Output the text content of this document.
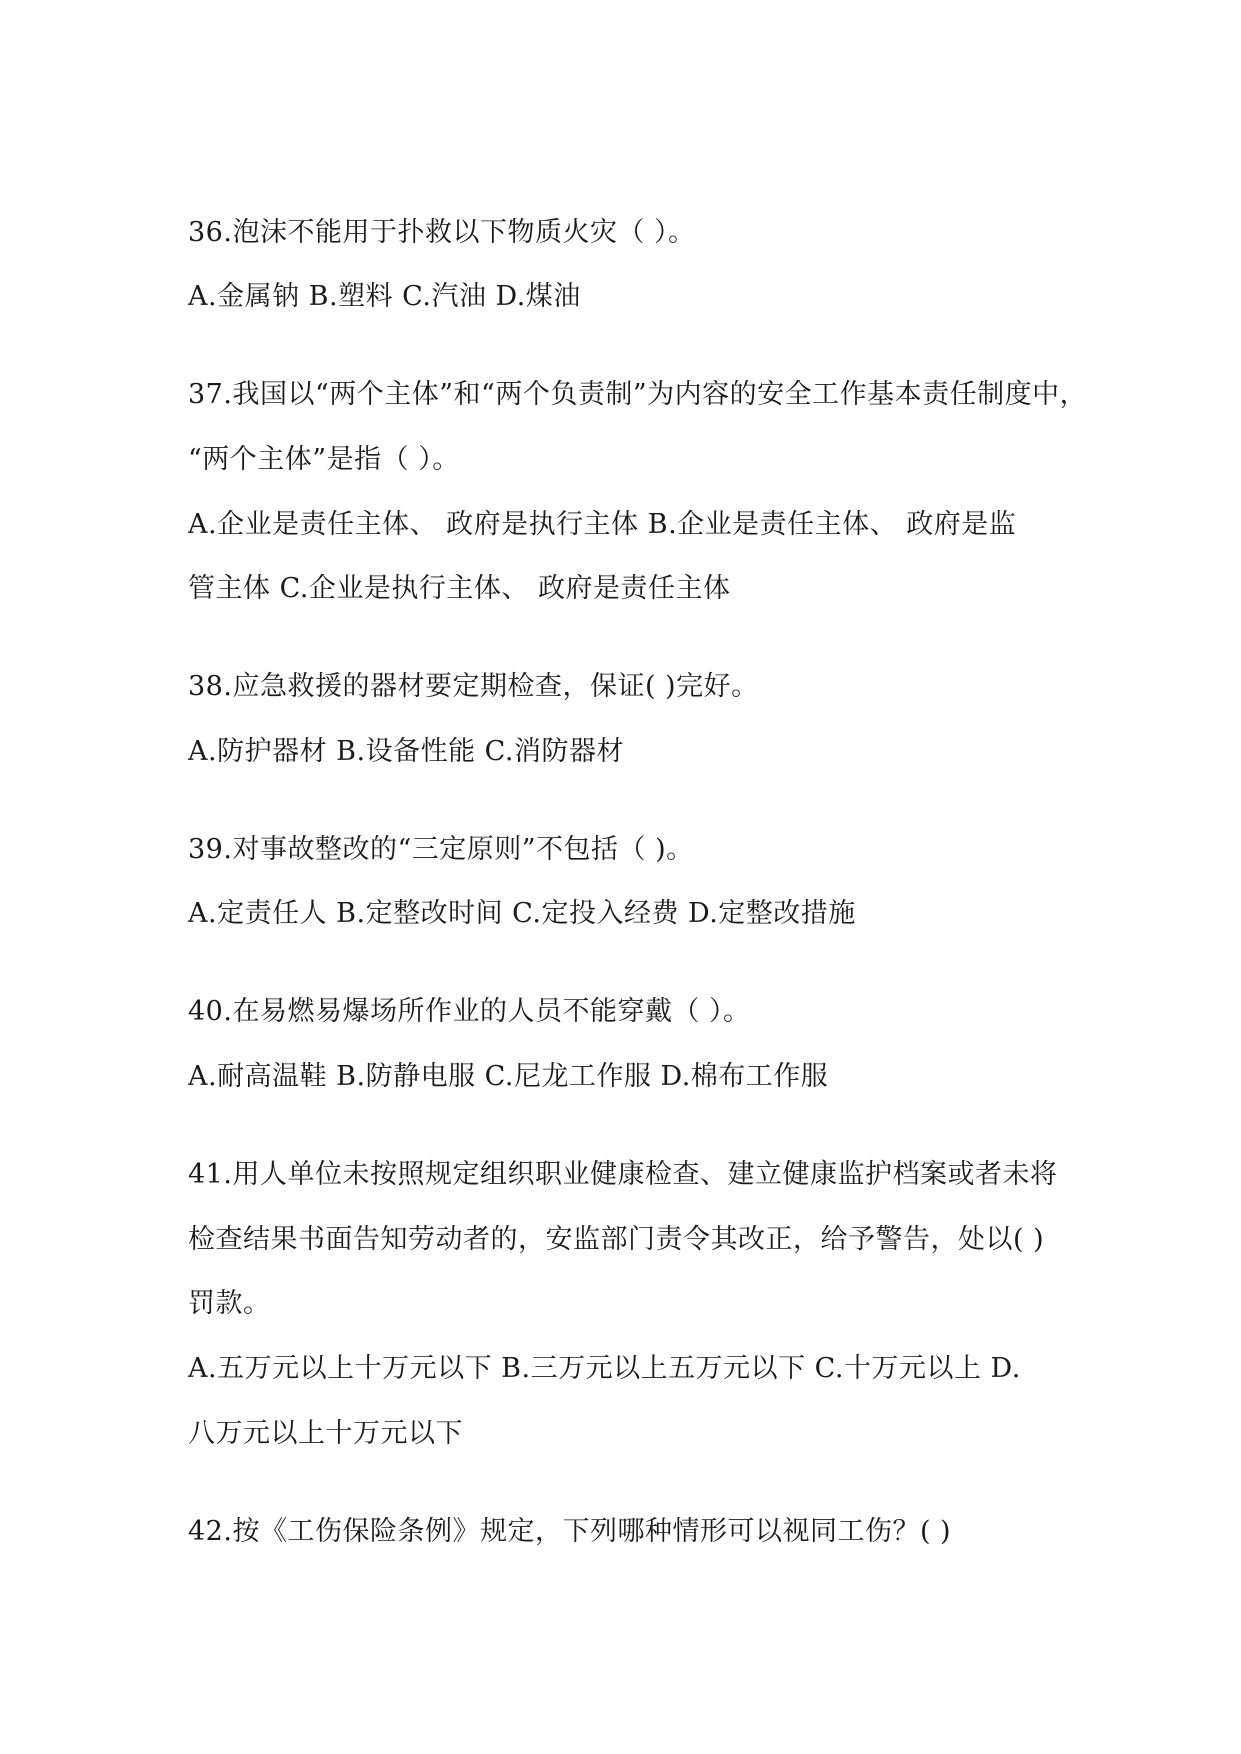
36.泡沫不能用于扑救以下物质火灾（ ）。
A.金属钠 B.塑料 C.汽油 D.煤油
37.我国以“两个主体”和“两个负责制”为内容的安全工作基本责任制度中，
“两个主体”是指（ ）。
A.企业是责任主体、 政府是执行主体 B.企业是责任主体、 政府是监
管主体 C.企业是执行主体、 政府是责任主体
38.应急救援的器材要定期检查，保证( )完好。
A.防护器材 B.设备性能 C.消防器材
39.对事故整改的“三定原则”不包括（ )。
A.定责任人 B.定整改时间 C.定投入经费 D.定整改措施
40.在易燃易爆场所作业的人员不能穿戴（ ）。
A.耐高温鞋 B.防静电服 C.尼龙工作服 D.棉布工作服
41.用人单位未按照规定组织职业健康检查、建立健康监护档案或者未将
检查结果书面告知劳动者的，安监部门责令其改正，给予警告，处以( )
罚款。
A.五万元以上十万元以下 B.三万元以上五万元以下 C.十万元以上 D.
八万元以上十万元以下
42.按《工伤保险条例》规定，下列哪种情形可以视同工伤？( )
